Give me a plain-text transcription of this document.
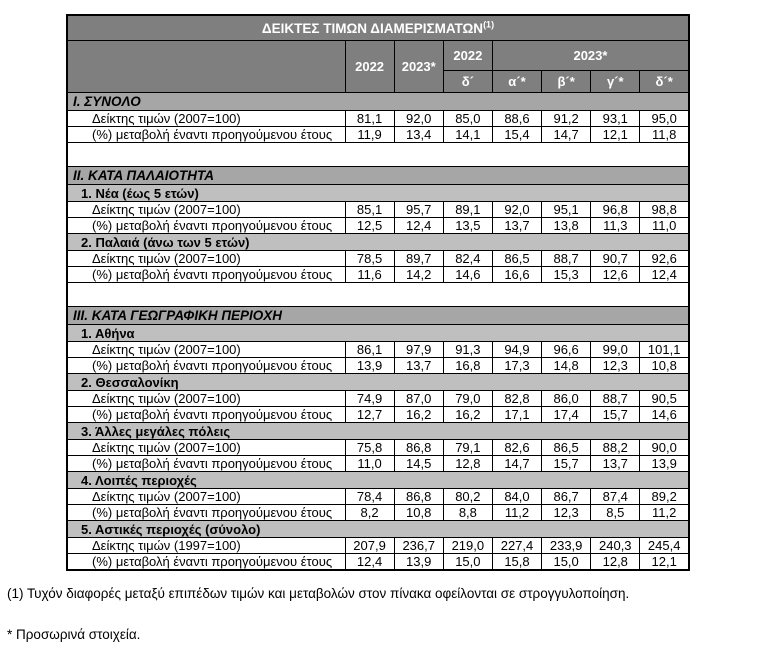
ΔΕΙΚΤΕΣ ΤΙΜΩΝ ΔΙΑΜΕΡΙΣΜΑΤΩΝ$^{(1)}$
	2022	2023*	2022	2023*			
			δ´	α´*	β´*	γ´*	δ´*
I. ΣΥΝΟΛΟ							
Δείκτης τιμών (2007=100)	81,1	92,0	85,0	88,6	91,2	93,1	95,0
(%) μεταβολή έναντι προηγούμενου έτους	11,9	13,4	14,1	15,4	14,7	12,1	11,8

II. ΚΑΤΑ ΠΑΛΑΙΟΤΗΤΑ							
1. Νέα (έως 5 ετών)							
Δείκτης τιμών (2007=100)	85,1	95,7	89,1	92,0	95,1	96,8	98,8
(%) μεταβολή έναντι προηγούμενου έτους	12,5	12,4	13,5	13,7	13,8	11,3	11,0
2. Παλαιά (άνω των 5 ετών)							
Δείκτης τιμών (2007=100)	78,5	89,7	82,4	86,5	88,7	90,7	92,6
(%) μεταβολή έναντι προηγούμενου έτους	11,6	14,2	14,6	16,6	15,3	12,6	12,4

III. ΚΑΤΑ ΓΕΩΓΡΑΦΙΚΗ ΠΕΡΙΟΧΗ							
1. Αθήνα							
Δείκτης τιμών (2007=100)	86,1	97,9	91,3	94,9	96,6	99,0	101,1
(%) μεταβολή έναντι προηγούμενου έτους	13,9	13,7	16,8	17,3	14,8	12,3	10,8
2. Θεσσαλονίκη							
Δείκτης τιμών (2007=100)	74,9	87,0	79,0	82,8	86,0	88,7	90,5
(%) μεταβολή έναντι προηγούμενου έτους	12,7	16,2	16,2	17,1	17,4	15,7	14,6
3. Άλλες μεγάλες πόλεις							
Δείκτης τιμών (2007=100)	75,8	86,8	79,1	82,6	86,5	88,2	90,0
(%) μεταβολή έναντι προηγούμενου έτους	11,0	14,5	12,8	14,7	15,7	13,7	13,9
4. Λοιπές περιοχές							
Δείκτης τιμών (2007=100)	78,4	86,8	80,2	84,0	86,7	87,4	89,2
(%) μεταβολή έναντι προηγούμενου έτους	8,2	10,8	8,8	11,2	12,3	8,5	11,2
5. Αστικές περιοχές (σύνολο)							
Δείκτης τιμών (1997=100)	207,9	236,7	219,0	227,4	233,9	240,3	245,4
(%) μεταβολή έναντι προηγούμενου έτους	12,4	13,9	15,0	15,8	15,0	12,8	12,1
(1) Τυχόν διαφορές μεταξύ επιπέδων τιμών και μεταβολών στον πίνακα οφείλονται σε στρογγυλοποίηση.
* Προσωρινά στοιχεία.
